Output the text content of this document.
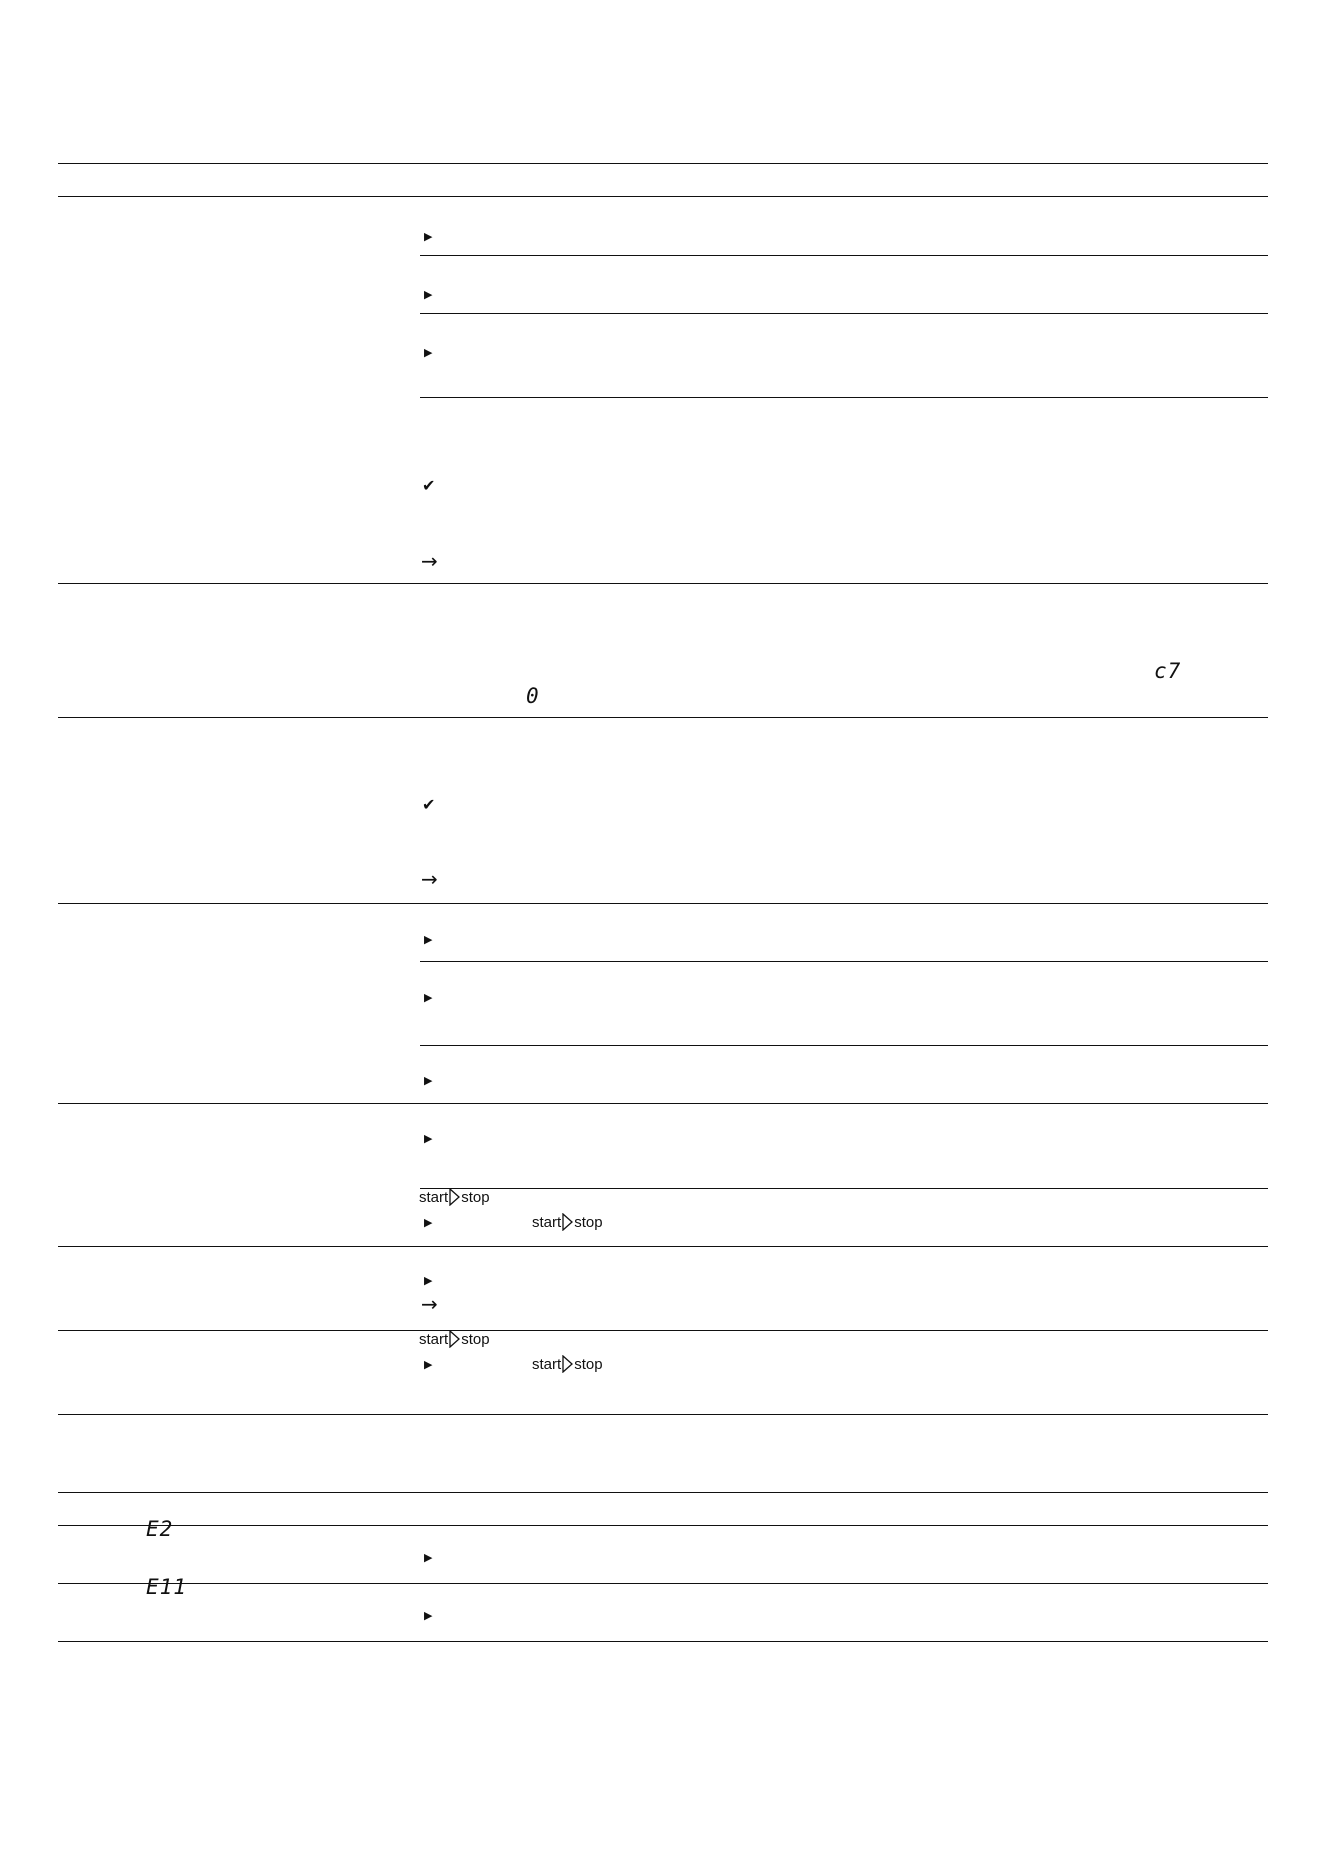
▶
▶
▶
▶
▶
▶
▶
▶
▶
▶
▶
▶
✔
✔
→
→
→
c7
0
E2
E11
start stop
start stop
start stop
start stop
